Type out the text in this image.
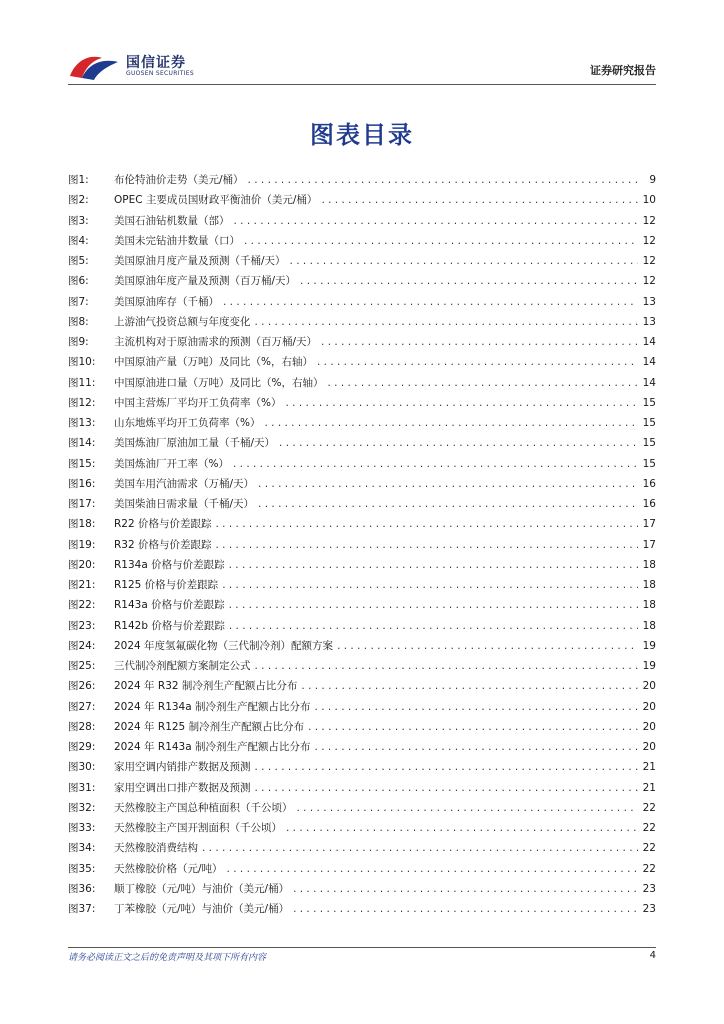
国信证券
GUOSEN SECURITIES	证券研究报告
图表目录
图1:	布伦特油价走势（美元/桶） . . .	9
图2:	OPEC 主要成员国财政平衡油价（美元/桶） . . .	10
图3:	美国石油钻机数量（部） . . .	12
图4:	美国未完钻油井数量（口） . . .	12
图5:	美国原油月度产量及预测（千桶/天） . . .	12
图6:	美国原油年度产量及预测（百万桶/天） . . .	12
图7:	美国原油库存（千桶） . . .	13
图8:	上游油气投资总额与年度变化 . . .	13
图9:	主流机构对于原油需求的预测（百万桶/天） . . .	14
图10:	中国原油产量（万吨）及同比（%，右轴） . . .	14
图11:	中国原油进口量（万吨）及同比（%，右轴） . . .	14
图12:	中国主营炼厂平均开工负荷率（%） . . .	15
图13:	山东地炼平均开工负荷率（%） . . .	15
图14:	美国炼油厂原油加工量（千桶/天） . . .	15
图15:	美国炼油厂开工率（%） . . .	15
图16:	美国车用汽油需求（万桶/天） . . .	16
图17:	美国柴油日需求量（千桶/天） . . .	16
图18:	R22 价格与价差跟踪 . . .	17
图19:	R32 价格与价差跟踪 . . .	17
图20:	R134a 价格与价差跟踪 . . .	18
图21:	R125 价格与价差跟踪 . . .	18
图22:	R143a 价格与价差跟踪 . . .	18
图23:	R142b 价格与价差跟踪 . . .	18
图24:	2024 年度氢氟碳化物（三代制冷剂）配额方案 . . .	19
图25:	三代制冷剂配额方案制定公式 . . .	19
图26:	2024 年 R32 制冷剂生产配额占比分布 . . .	20
图27:	2024 年 R134a 制冷剂生产配额占比分布 . . .	20
图28:	2024 年 R125 制冷剂生产配额占比分布 . . .	20
图29:	2024 年 R143a 制冷剂生产配额占比分布 . . .	20
图30:	家用空调内销排产数据及预测 . . .	21
图31:	家用空调出口排产数据及预测 . . .	21
图32:	天然橡胶主产国总种植面积（千公顷） . . .	22
图33:	天然橡胶主产国开割面积（千公顷） . . .	22
图34:	天然橡胶消费结构 . . .	22
图35:	天然橡胶价格（元/吨） . . .	22
图36:	顺丁橡胶（元/吨）与油价（美元/桶） . . .	23
图37:	丁苯橡胶（元/吨）与油价（美元/桶） . . .	23
请务必阅读正文之后的免责声明及其项下所有内容	4
